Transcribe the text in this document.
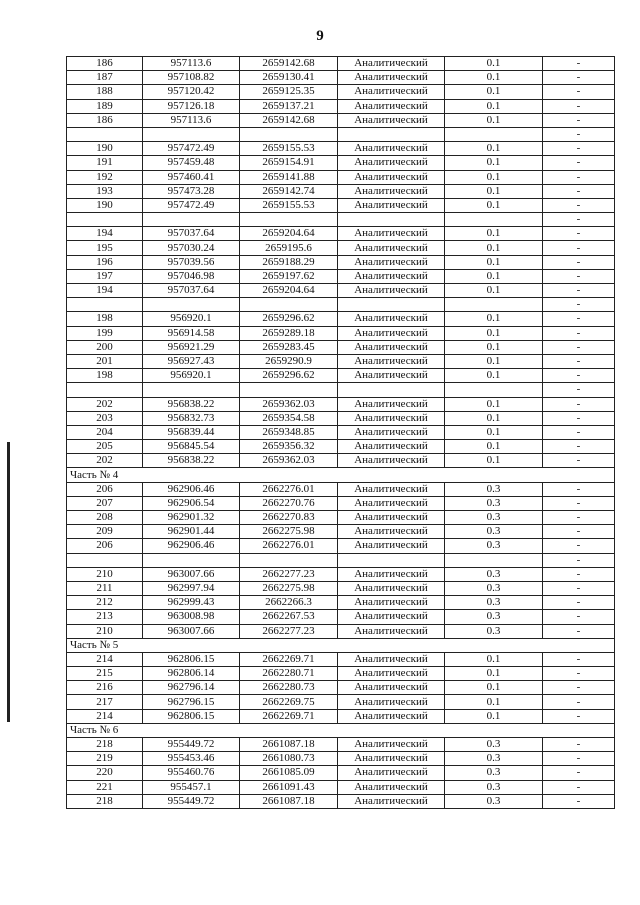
9
186	957113.6	2659142.68	Аналитический	0.1	-
187	957108.82	2659130.41	Аналитический	0.1	-
188	957120.42	2659125.35	Аналитический	0.1	-
189	957126.18	2659137.21	Аналитический	0.1	-
186	957113.6	2659142.68	Аналитический	0.1	-
					-
190	957472.49	2659155.53	Аналитический	0.1	-
191	957459.48	2659154.91	Аналитический	0.1	-
192	957460.41	2659141.88	Аналитический	0.1	-
193	957473.28	2659142.74	Аналитический	0.1	-
190	957472.49	2659155.53	Аналитический	0.1	-
					-
194	957037.64	2659204.64	Аналитический	0.1	-
195	957030.24	2659195.6	Аналитический	0.1	-
196	957039.56	2659188.29	Аналитический	0.1	-
197	957046.98	2659197.62	Аналитический	0.1	-
194	957037.64	2659204.64	Аналитический	0.1	-
					-
198	956920.1	2659296.62	Аналитический	0.1	-
199	956914.58	2659289.18	Аналитический	0.1	-
200	956921.29	2659283.45	Аналитический	0.1	-
201	956927.43	2659290.9	Аналитический	0.1	-
198	956920.1	2659296.62	Аналитический	0.1	-
					-
202	956838.22	2659362.03	Аналитический	0.1	-
203	956832.73	2659354.58	Аналитический	0.1	-
204	956839.44	2659348.85	Аналитический	0.1	-
205	956845.54	2659356.32	Аналитический	0.1	-
202	956838.22	2659362.03	Аналитический	0.1	-
Часть № 4					
206	962906.46	2662276.01	Аналитический	0.3	-
207	962906.54	2662270.76	Аналитический	0.3	-
208	962901.32	2662270.83	Аналитический	0.3	-
209	962901.44	2662275.98	Аналитический	0.3	-
206	962906.46	2662276.01	Аналитический	0.3	-
					-
210	963007.66	2662277.23	Аналитический	0.3	-
211	962997.94	2662275.98	Аналитический	0.3	-
212	962999.43	2662266.3	Аналитический	0.3	-
213	963008.98	2662267.53	Аналитический	0.3	-
210	963007.66	2662277.23	Аналитический	0.3	-
Часть № 5					
214	962806.15	2662269.71	Аналитический	0.1	-
215	962806.14	2662280.71	Аналитический	0.1	-
216	962796.14	2662280.73	Аналитический	0.1	-
217	962796.15	2662269.75	Аналитический	0.1	-
214	962806.15	2662269.71	Аналитический	0.1	-
Часть № 6					
218	955449.72	2661087.18	Аналитический	0.3	-
219	955453.46	2661080.73	Аналитический	0.3	-
220	955460.76	2661085.09	Аналитический	0.3	-
221	955457.1	2661091.43	Аналитический	0.3	-
218	955449.72	2661087.18	Аналитический	0.3	-
